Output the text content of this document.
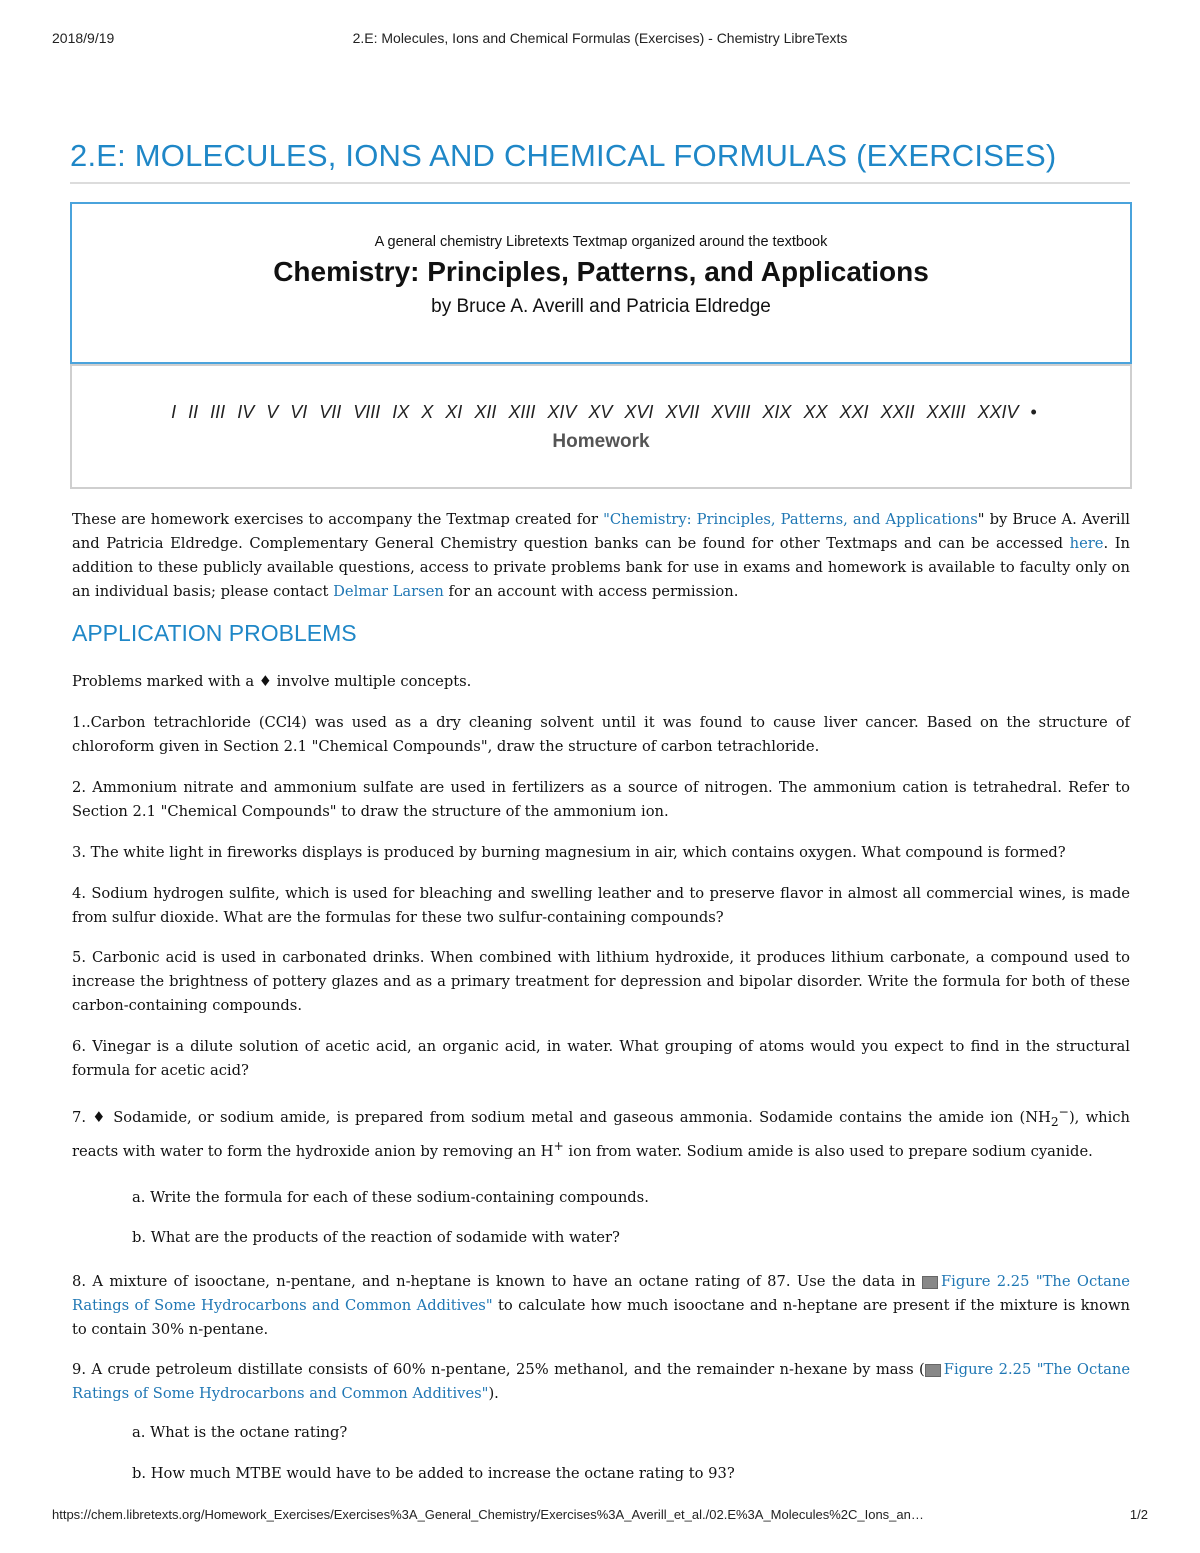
2018/9/19	2.E: Molecules, Ions and Chemical Formulas (Exercises) - Chemistry LibreTexts
2.E: MOLECULES, IONS AND CHEMICAL FORMULAS (EXERCISES)
A general chemistry Libretexts Textmap organized around the textbook
Chemistry: Principles, Patterns, and Applications
by Bruce A. Averill and Patricia Eldredge
I II III IV V VI VII VIII IX X XI XII XIII XIV XV XVI XVII XVIII XIX XX XXI XXII XXIII XXIV •
Homework
These are homework exercises to accompany the Textmap created for "Chemistry: Principles, Patterns, and Applications" by Bruce A. Averill and Patricia Eldredge. Complementary General Chemistry question banks can be found for other Textmaps and can be accessed here. In addition to these publicly available questions, access to private problems bank for use in exams and homework is available to faculty only on an individual basis; please contact Delmar Larsen for an account with access permission.
APPLICATION PROBLEMS
Problems marked with a ♦ involve multiple concepts.
1..Carbon tetrachloride (CCl4) was used as a dry cleaning solvent until it was found to cause liver cancer. Based on the structure of chloroform given in Section 2.1 "Chemical Compounds", draw the structure of carbon tetrachloride.
2. Ammonium nitrate and ammonium sulfate are used in fertilizers as a source of nitrogen. The ammonium cation is tetrahedral. Refer to Section 2.1 "Chemical Compounds" to draw the structure of the ammonium ion.
3. The white light in fireworks displays is produced by burning magnesium in air, which contains oxygen. What compound is formed?
4. Sodium hydrogen sulfite, which is used for bleaching and swelling leather and to preserve flavor in almost all commercial wines, is made from sulfur dioxide. What are the formulas for these two sulfur-containing compounds?
5. Carbonic acid is used in carbonated drinks. When combined with lithium hydroxide, it produces lithium carbonate, a compound used to increase the brightness of pottery glazes and as a primary treatment for depression and bipolar disorder. Write the formula for both of these carbon-containing compounds.
6. Vinegar is a dilute solution of acetic acid, an organic acid, in water. What grouping of atoms would you expect to find in the structural formula for acetic acid?
7. ♦ Sodamide, or sodium amide, is prepared from sodium metal and gaseous ammonia. Sodamide contains the amide ion $(NH_2^-)$, which reacts with water to form the hydroxide anion by removing an H+ ion from water. Sodium amide is also used to prepare sodium cyanide.
a. Write the formula for each of these sodium-containing compounds.
b. What are the products of the reaction of sodamide with water?
8. A mixture of isooctane, n-pentane, and n-heptane is known to have an octane rating of 87. Use the data in Figure 2.25 "The Octane Ratings of Some Hydrocarbons and Common Additives" to calculate how much isooctane and n-heptane are present if the mixture is known to contain 30% n-pentane.
9. A crude petroleum distillate consists of 60% n-pentane, 25% methanol, and the remainder n-hexane by mass ( Figure 2.25 "The Octane Ratings of Some Hydrocarbons and Common Additives").
a. What is the octane rating?
b. How much MTBE would have to be added to increase the octane rating to 93?
https://chem.libretexts.org/Homework_Exercises/Exercises%3A_General_Chemistry/Exercises%3A_Averill_et_al./02.E%3A_Molecules%2C_Ions_an…	1/2
